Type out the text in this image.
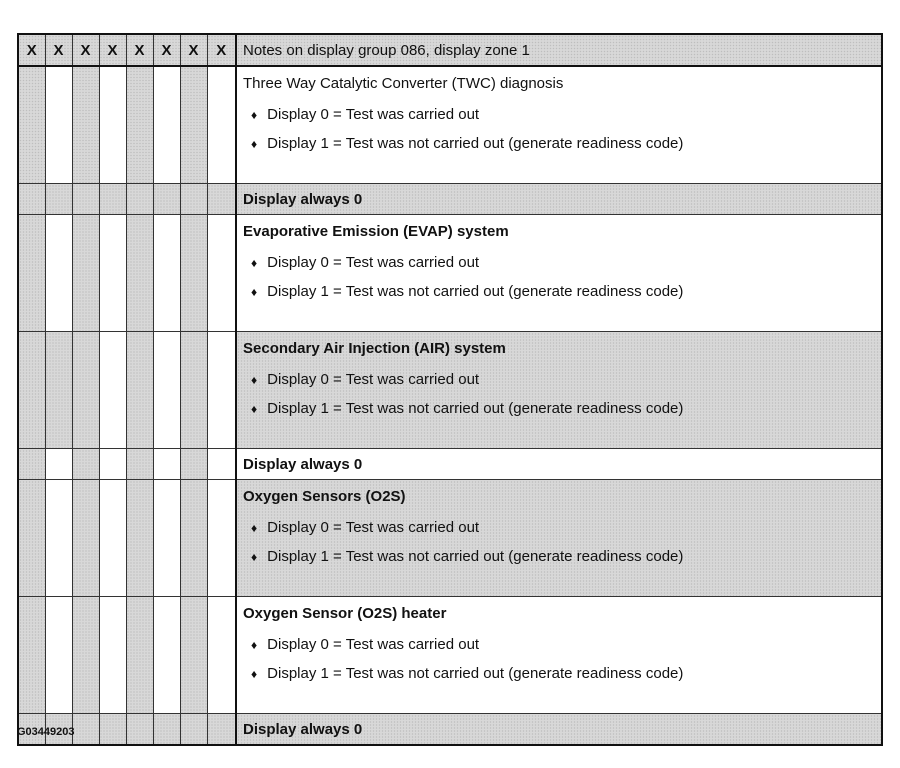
X	X	X	X	X	X	X	X	Notes on display group 086, display zone 1

								Three Way Catalytic Converter (TWC) diagnosis
♦ Display 0 = Test was carried out
♦ Display 1 = Test was not carried out (generate readiness code)

								Display always 0

								Evaporative Emission (EVAP) system
♦ Display 0 = Test was carried out
♦ Display 1 = Test was not carried out (generate readiness code)

								Secondary Air Injection (AIR) system
♦ Display 0 = Test was carried out
♦ Display 1 = Test was not carried out (generate readiness code)

								Display always 0

								Oxygen Sensors (O2S)
♦ Display 0 = Test was carried out
♦ Display 1 = Test was not carried out (generate readiness code)

								Oxygen Sensor (O2S) heater
♦ Display 0 = Test was carried out
♦ Display 1 = Test was not carried out (generate readiness code)

								Display always 0
G03449203
